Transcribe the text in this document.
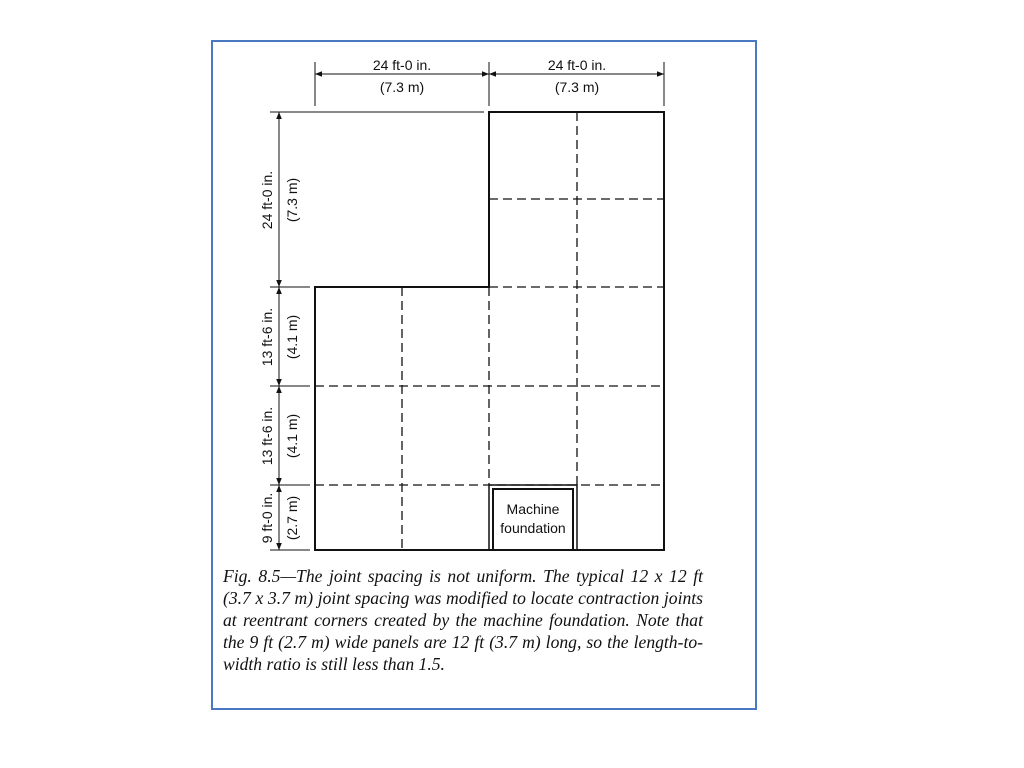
24 ft-0 in.
(7.3 m)
24 ft-0 in.
(7.3 m)
24 ft-0 in. (7.3 m)
13 ft-6 in. (4.1 m)
13 ft-6 in. (4.1 m)
9 ft-0 in. (2.7 m)	Machine
foundation

Fig. 8.5—The joint spacing is not uniform. The typical 12 x 12 ft (3.7 x 3.7 m) joint spacing was modified to locate contraction joints at reentrant corners created by the machine foundation. Note that the 9 ft (2.7 m) wide panels are 12 ft (3.7 m) long, so the length-to-width ratio is still less than 1.5.
